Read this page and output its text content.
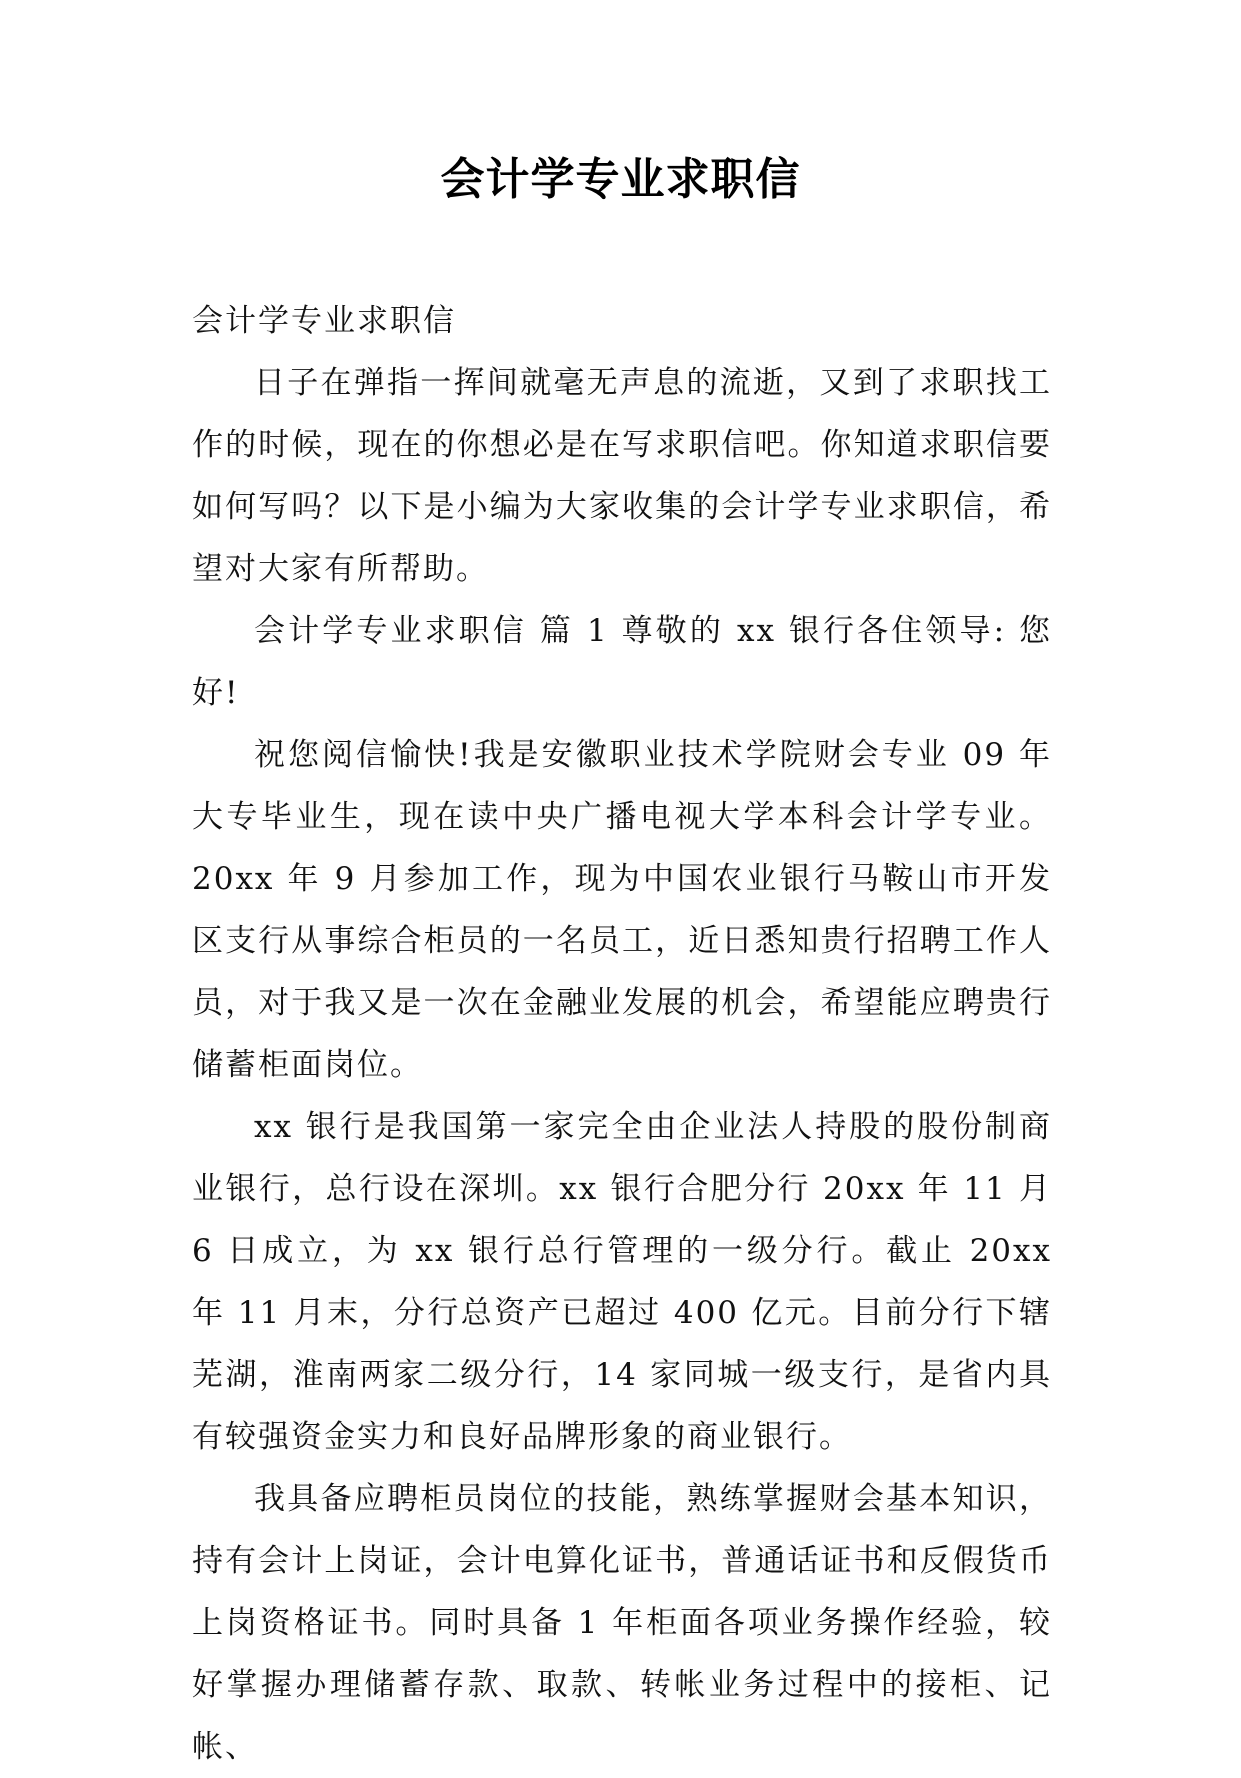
会计学专业求职信

会计学专业求职信

日子在弹指一挥间就毫无声息的流逝，又到了求职找工作的时候，现在的你想必是在写求职信吧。你知道求职信要如何写吗？以下是小编为大家收集的会计学专业求职信，希望对大家有所帮助。

会计学专业求职信 篇 1 尊敬的 xx 银行各住领导: 您好!

祝您阅信愉快!我是安徽职业技术学院财会专业 09 年大专毕业生，现在读中央广播电视大学本科会计学专业。20xx 年 9 月参加工作，现为中国农业银行马鞍山市开发区支行从事综合柜员的一名员工，近日悉知贵行招聘工作人员，对于我又是一次在金融业发展的机会，希望能应聘贵行储蓄柜面岗位。

xx 银行是我国第一家完全由企业法人持股的股份制商业银行，总行设在深圳。xx 银行合肥分行 20xx 年 11 月 6 日成立，为 xx 银行总行管理的一级分行。截止 20xx 年 11 月末，分行总资产已超过 400 亿元。目前分行下辖芜湖，淮南两家二级分行，14 家同城一级支行，是省内具有较强资金实力和良好品牌形象的商业银行。

我具备应聘柜员岗位的技能，熟练掌握财会基本知识，持有会计上岗证，会计电算化证书，普通话证书和反假货币上岗资格证书。同时具备 1 年柜面各项业务操作经验，较好掌握办理储蓄存款、取款、转帐业务过程中的接柜、记帐、
